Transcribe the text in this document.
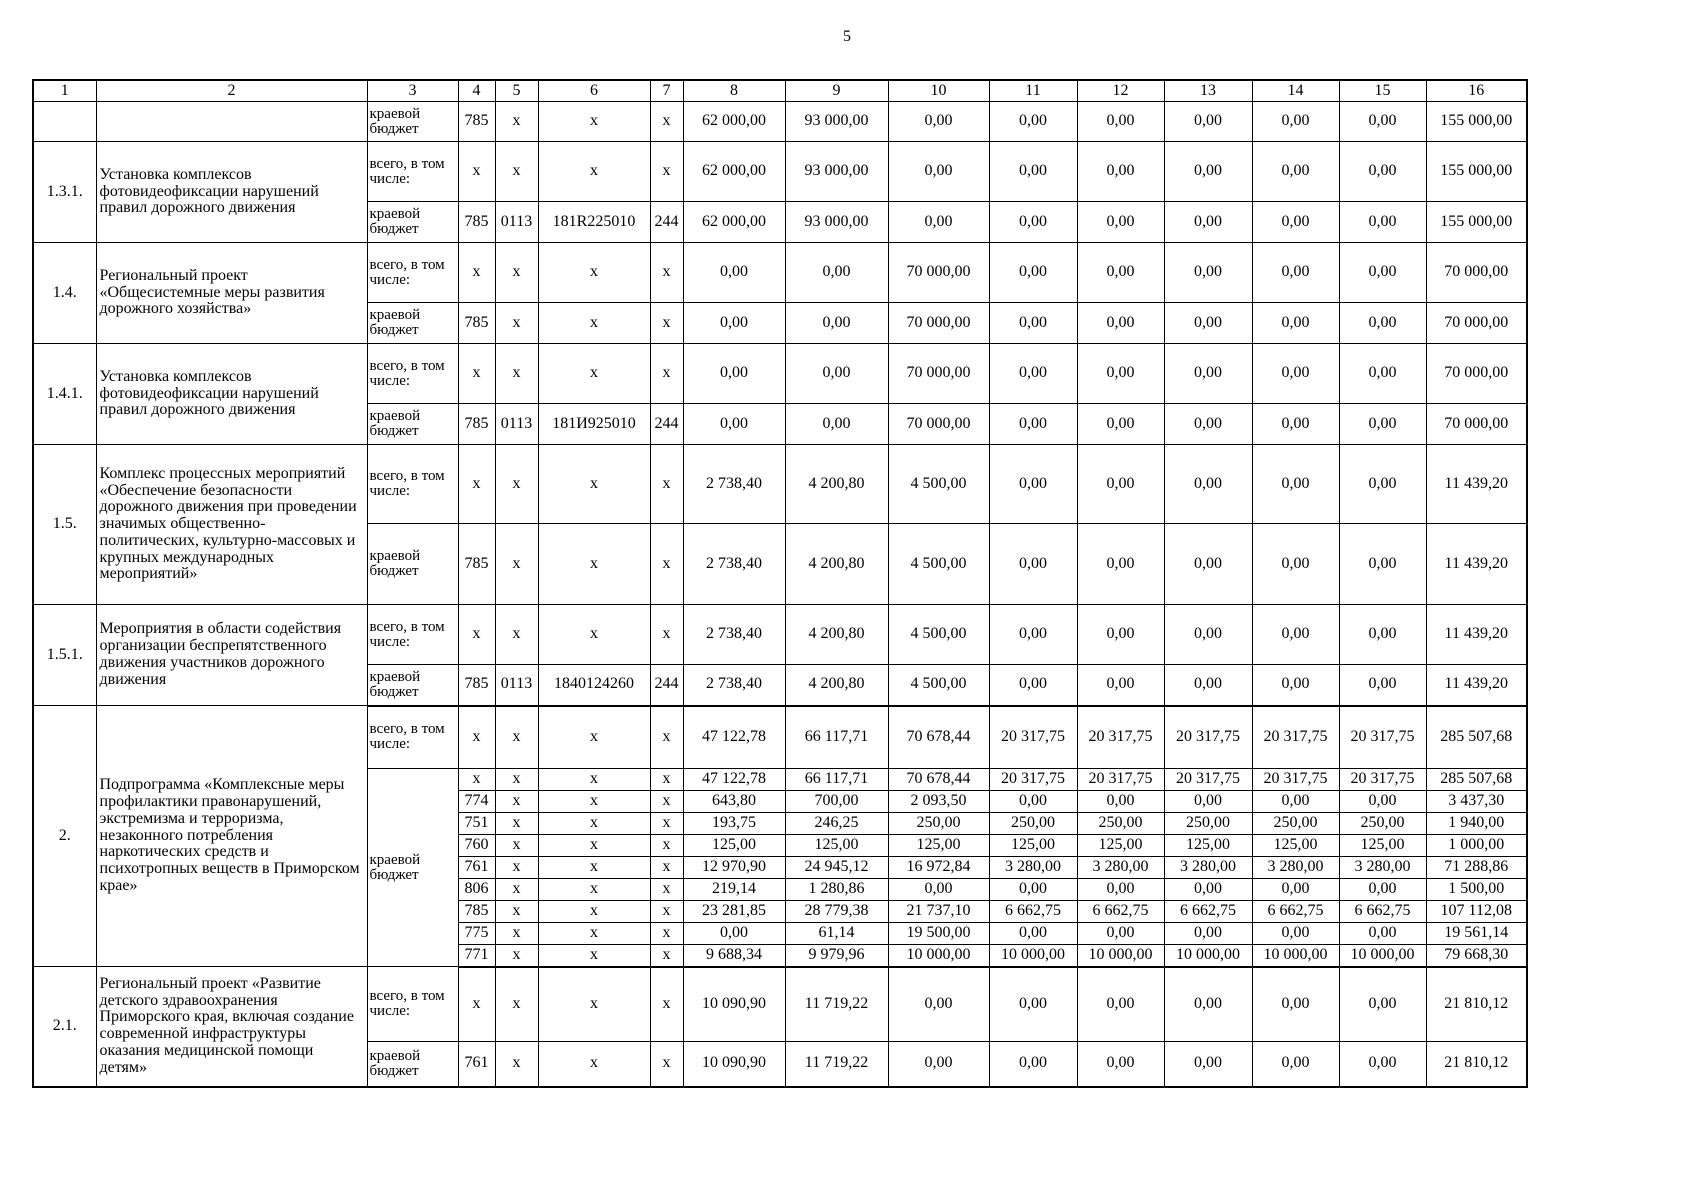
5
1	2	3	4	5	6	7	8	9	10	11	12	13	14	15	16
		краевой бюджет	785	x	x	x	62 000,00	93 000,00	0,00	0,00	0,00	0,00	0,00	0,00	155 000,00
1.3.1.	Установка комплексов фотовидеофиксации нарушений правил дорожного движения	всего, в том числе:	x	x	x	x	62 000,00	93 000,00	0,00	0,00	0,00	0,00	0,00	0,00	155 000,00
		краевой бюджет	785	0113	181R225010	244	62 000,00	93 000,00	0,00	0,00	0,00	0,00	0,00	0,00	155 000,00
1.4.	Региональный проект «Общесистемные меры развития дорожного хозяйства»	всего, в том числе:	x	x	x	x	0,00	0,00	70 000,00	0,00	0,00	0,00	0,00	0,00	70 000,00
		краевой бюджет	785	x	x	x	0,00	0,00	70 000,00	0,00	0,00	0,00	0,00	0,00	70 000,00
1.4.1.	Установка комплексов фотовидеофиксации нарушений правил дорожного движения	всего, в том числе:	x	x	x	x	0,00	0,00	70 000,00	0,00	0,00	0,00	0,00	0,00	70 000,00
		краевой бюджет	785	0113	181И925010	244	0,00	0,00	70 000,00	0,00	0,00	0,00	0,00	0,00	70 000,00
1.5.	Комплекс процессных мероприятий «Обеспечение безопасности дорожного движения при проведении значимых общественно-политических, культурно-массовых и крупных международных мероприятий»	всего, в том числе:	x	x	x	x	2 738,40	4 200,80	4 500,00	0,00	0,00	0,00	0,00	0,00	11 439,20
		краевой бюджет	785	x	x	x	2 738,40	4 200,80	4 500,00	0,00	0,00	0,00	0,00	0,00	11 439,20
1.5.1.	Мероприятия в области содействия организации беспрепятственного движения участников дорожного движения	всего, в том числе:	x	x	x	x	2 738,40	4 200,80	4 500,00	0,00	0,00	0,00	0,00	0,00	11 439,20
		краевой бюджет	785	0113	1840124260	244	2 738,40	4 200,80	4 500,00	0,00	0,00	0,00	0,00	0,00	11 439,20
2.	Подпрограмма «Комплексные меры профилактики правонарушений, экстремизма и терроризма, незаконного потребления наркотических средств и психотропных веществ в Приморском крае»	всего, в том числе:	x	x	x	x	47 122,78	66 117,71	70 678,44	20 317,75	20 317,75	20 317,75	20 317,75	20 317,75	285 507,68
		краевой бюджет	x	x	x	x	47 122,78	66 117,71	70 678,44	20 317,75	20 317,75	20 317,75	20 317,75	20 317,75	285 507,68
			774	x	x	x	643,80	700,00	2 093,50	0,00	0,00	0,00	0,00	0,00	3 437,30
			751	x	x	x	193,75	246,25	250,00	250,00	250,00	250,00	250,00	250,00	1 940,00
			760	x	x	x	125,00	125,00	125,00	125,00	125,00	125,00	125,00	125,00	1 000,00
			761	x	x	x	12 970,90	24 945,12	16 972,84	3 280,00	3 280,00	3 280,00	3 280,00	3 280,00	71 288,86
			806	x	x	x	219,14	1 280,86	0,00	0,00	0,00	0,00	0,00	0,00	1 500,00
			785	x	x	x	23 281,85	28 779,38	21 737,10	6 662,75	6 662,75	6 662,75	6 662,75	6 662,75	107 112,08
			775	x	x	x	0,00	61,14	19 500,00	0,00	0,00	0,00	0,00	0,00	19 561,14
			771	x	x	x	9 688,34	9 979,96	10 000,00	10 000,00	10 000,00	10 000,00	10 000,00	10 000,00	79 668,30
2.1.	Региональный проект «Развитие детского здравоохранения Приморского края, включая создание современной инфраструктуры оказания медицинской помощи детям»	всего, в том числе:	x	x	x	x	10 090,90	11 719,22	0,00	0,00	0,00	0,00	0,00	0,00	21 810,12
		краевой бюджет	761	x	x	x	10 090,90	11 719,22	0,00	0,00	0,00	0,00	0,00	0,00	21 810,12
